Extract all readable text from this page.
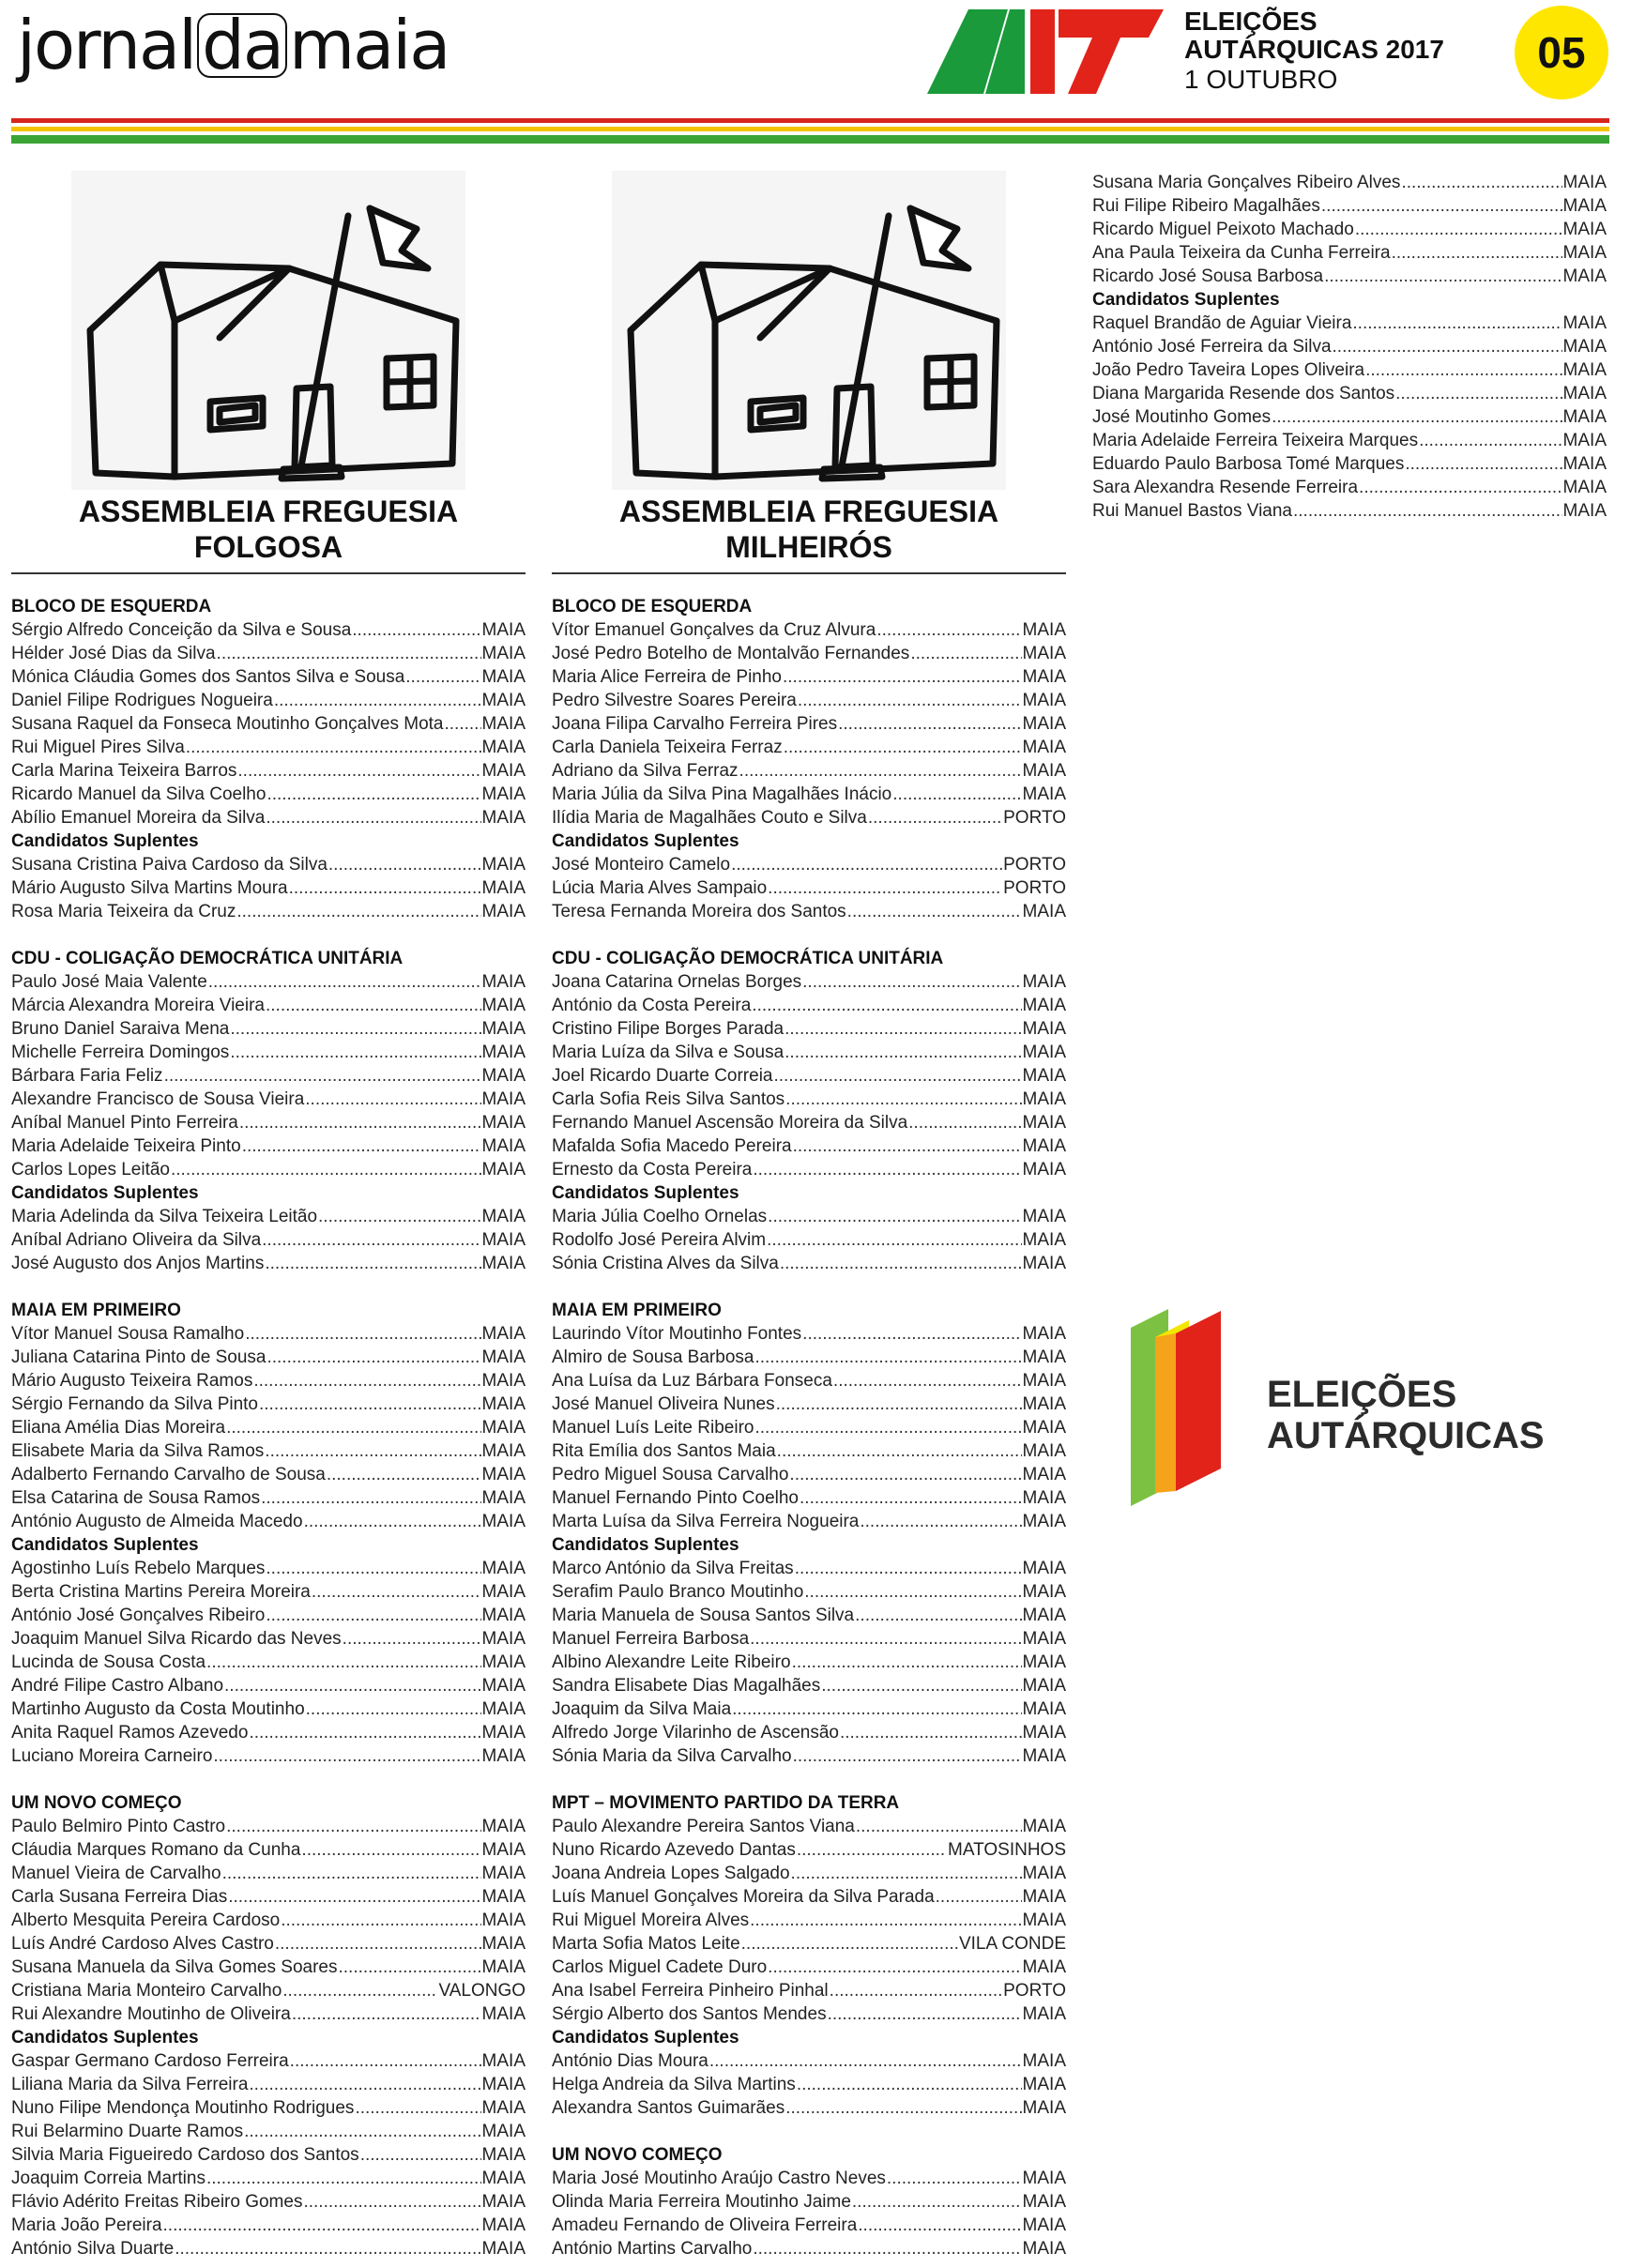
jornaldamaia	ELEIÇÕES
AUTÁRQUICAS 2017
1 OUTUBRO
05
ASSEMBLEIA FREGUESIA
FOLGOSA
BLOCO DE ESQUERDA
Sérgio Alfredo Conceição da Silva e Sousa .....	MAIA
Hélder José Dias da Silva .....	MAIA
Mónica Cláudia Gomes dos Santos Silva e Sousa .....	MAIA
Daniel Filipe Rodrigues Nogueira .....	MAIA
Susana Raquel da Fonseca Moutinho Gonçalves Mota ..... MAIA
Rui Miguel Pires Silva .....	MAIA
Carla Marina Teixeira Barros .....	MAIA
Ricardo Manuel da Silva Coelho .....	MAIA
Abílio Emanuel Moreira da Silva .....	MAIA
Candidatos Suplentes
Susana Cristina Paiva Cardoso da Silva .....	MAIA
Mário Augusto Silva Martins Moura .....	MAIA
Rosa Maria Teixeira da Cruz .....	MAIA
CDU - COLIGAÇÃO DEMOCRÁTICA UNITÁRIA
Paulo José Maia Valente .....	MAIA
Márcia Alexandra Moreira Vieira .....	MAIA
Bruno Daniel Saraiva Mena .....	MAIA
Michelle Ferreira Domingos .....	MAIA
Bárbara Faria Feliz .....	MAIA
Alexandre Francisco de Sousa Vieira .....	MAIA
Aníbal Manuel Pinto Ferreira .....	MAIA
Maria Adelaide Teixeira Pinto .....	MAIA
Carlos Lopes Leitão .....	MAIA
Candidatos Suplentes
Maria Adelinda da Silva Teixeira Leitão .....	MAIA
Aníbal Adriano Oliveira da Silva .....	MAIA
José Augusto dos Anjos Martins .....	MAIA
MAIA EM PRIMEIRO
Vítor Manuel Sousa Ramalho .....	MAIA
Juliana Catarina Pinto de Sousa .....	MAIA
Mário Augusto Teixeira Ramos .....	MAIA
Sérgio Fernando da Silva Pinto .....	MAIA
Eliana Amélia Dias Moreira .....	MAIA
Elisabete Maria da Silva Ramos .....	MAIA
Adalberto Fernando Carvalho de Sousa .....	MAIA
Elsa Catarina de Sousa Ramos .....	MAIA
António Augusto de Almeida Macedo .....	MAIA
Candidatos Suplentes
Agostinho Luís Rebelo Marques .....	MAIA
Berta Cristina Martins Pereira Moreira .....	MAIA
António José Gonçalves Ribeiro .....	MAIA
Joaquim Manuel Silva Ricardo das Neves .....	MAIA
Lucinda de Sousa Costa .....	MAIA
André Filipe Castro Albano .....	MAIA
Martinho Augusto da Costa Moutinho .....	MAIA
Anita Raquel Ramos Azevedo .....	MAIA
Luciano Moreira Carneiro .....	MAIA
UM NOVO COMEÇO
Paulo Belmiro Pinto Castro .....	MAIA
Cláudia Marques Romano da Cunha .....	MAIA
Manuel Vieira de Carvalho .....	MAIA
Carla Susana Ferreira Dias .....	MAIA
Alberto Mesquita Pereira Cardoso .....	MAIA
Luís André Cardoso Alves Castro .....	MAIA
Susana Manuela da Silva Gomes Soares .....	MAIA
Cristiana Maria Monteiro Carvalho .....	VALONGO
Rui Alexandre Moutinho de Oliveira .....	MAIA
Candidatos Suplentes
Gaspar Germano Cardoso Ferreira .....	MAIA
Liliana Maria da Silva Ferreira .....	MAIA
Nuno Filipe Mendonça Moutinho Rodrigues .....	MAIA
Rui Belarmino Duarte Ramos .....	MAIA
Silvia Maria Figueiredo Cardoso dos Santos .....	MAIA
Joaquim Correia Martins .....	MAIA
Flávio Adérito Freitas Ribeiro Gomes .....	MAIA
Maria João Pereira .....	MAIA
António Silva Duarte .....	MAIA
ASSEMBLEIA FREGUESIA
MILHEIRÓS
BLOCO DE ESQUERDA
Vítor Emanuel Gonçalves da Cruz Alvura .....	MAIA
José Pedro Botelho de Montalvão Fernandes .....	MAIA
Maria Alice Ferreira de Pinho .....	MAIA
Pedro Silvestre Soares Pereira .....	MAIA
Joana Filipa Carvalho Ferreira Pires .....	MAIA
Carla Daniela Teixeira Ferraz .....	MAIA
Adriano da Silva Ferraz .....	MAIA
Maria Júlia da Silva Pina Magalhães Inácio .....	MAIA
Ilídia Maria de Magalhães Couto e Silva .....	PORTO
Candidatos Suplentes
José Monteiro Camelo .....	PORTO
Lúcia Maria Alves Sampaio .....	PORTO
Teresa Fernanda Moreira dos Santos .....	MAIA
CDU - COLIGAÇÃO DEMOCRÁTICA UNITÁRIA
Joana Catarina Ornelas Borges .....	MAIA
António da Costa Pereira .....	MAIA
Cristino Filipe Borges Parada .....	MAIA
Maria Luíza da Silva e Sousa .....	MAIA
Joel Ricardo Duarte Correia .....	MAIA
Carla Sofia Reis Silva Santos .....	MAIA
Fernando Manuel Ascensão Moreira da Silva .....	MAIA
Mafalda Sofia Macedo Pereira .....	MAIA
Ernesto da Costa Pereira .....	MAIA
Candidatos Suplentes
Maria Júlia Coelho Ornelas .....	MAIA
Rodolfo José Pereira Alvim .....	MAIA
Sónia Cristina Alves da Silva .....	MAIA
MAIA EM PRIMEIRO
Laurindo Vítor Moutinho Fontes .....	MAIA
Almiro de Sousa Barbosa .....	MAIA
Ana Luísa da Luz Bárbara Fonseca .....	MAIA
José Manuel Oliveira Nunes .....	MAIA
Manuel Luís Leite Ribeiro .....	MAIA
Rita Emília dos Santos Maia .....	MAIA
Pedro Miguel Sousa Carvalho .....	MAIA
Manuel Fernando Pinto Coelho .....	MAIA
Marta Luísa da Silva Ferreira Nogueira .....	MAIA
Candidatos Suplentes
Marco António da Silva Freitas .....	MAIA
Serafim Paulo Branco Moutinho .....	MAIA
Maria Manuela de Sousa Santos Silva .....	MAIA
Manuel Ferreira Barbosa .....	MAIA
Albino Alexandre Leite Ribeiro .....	MAIA
Sandra Elisabete Dias Magalhães .....	MAIA
Joaquim da Silva Maia .....	MAIA
Alfredo Jorge Vilarinho de Ascensão .....	MAIA
Sónia Maria da Silva Carvalho .....	MAIA
MPT – MOVIMENTO PARTIDO DA TERRA
Paulo Alexandre Pereira Santos Viana .....	MAIA
Nuno Ricardo Azevedo Dantas .....	MATOSINHOS
Joana Andreia Lopes Salgado .....	MAIA
Luís Manuel Gonçalves Moreira da Silva Parada .....	MAIA
Rui Miguel Moreira Alves .....	MAIA
Marta Sofia Matos Leite .....	VILA CONDE
Carlos Miguel Cadete Duro .....	MAIA
Ana Isabel Ferreira Pinheiro Pinhal .....	PORTO
Sérgio Alberto dos Santos Mendes .....	MAIA
Candidatos Suplentes
António Dias Moura .....	MAIA
Helga Andreia da Silva Martins .....	MAIA
Alexandra Santos Guimarães .....	MAIA
UM NOVO COMEÇO
Maria José Moutinho Araújo Castro Neves .....	MAIA
Olinda Maria Ferreira Moutinho Jaime .....	MAIA
Amadeu Fernando de Oliveira Ferreira .....	MAIA
António Martins Carvalho .....	MAIA
Susana Maria Gonçalves Ribeiro Alves .....	MAIA
Rui Filipe Ribeiro Magalhães .....	MAIA
Ricardo Miguel Peixoto Machado .....	MAIA
Ana Paula Teixeira da Cunha Ferreira .....	MAIA
Ricardo José Sousa Barbosa .....	MAIA
Candidatos Suplentes
Raquel Brandão de Aguiar Vieira .....	MAIA
António José Ferreira da Silva .....	MAIA
João Pedro Taveira Lopes Oliveira .....	MAIA
Diana Margarida Resende dos Santos .....	MAIA
José Moutinho Gomes .....	MAIA
Maria Adelaide Ferreira Teixeira Marques .....	MAIA
Eduardo Paulo Barbosa Tomé Marques .....	MAIA
Sara Alexandra Resende Ferreira .....	MAIA
Rui Manuel Bastos Viana .....	MAIA
ELEIÇÕES
AUTÁRQUICAS
